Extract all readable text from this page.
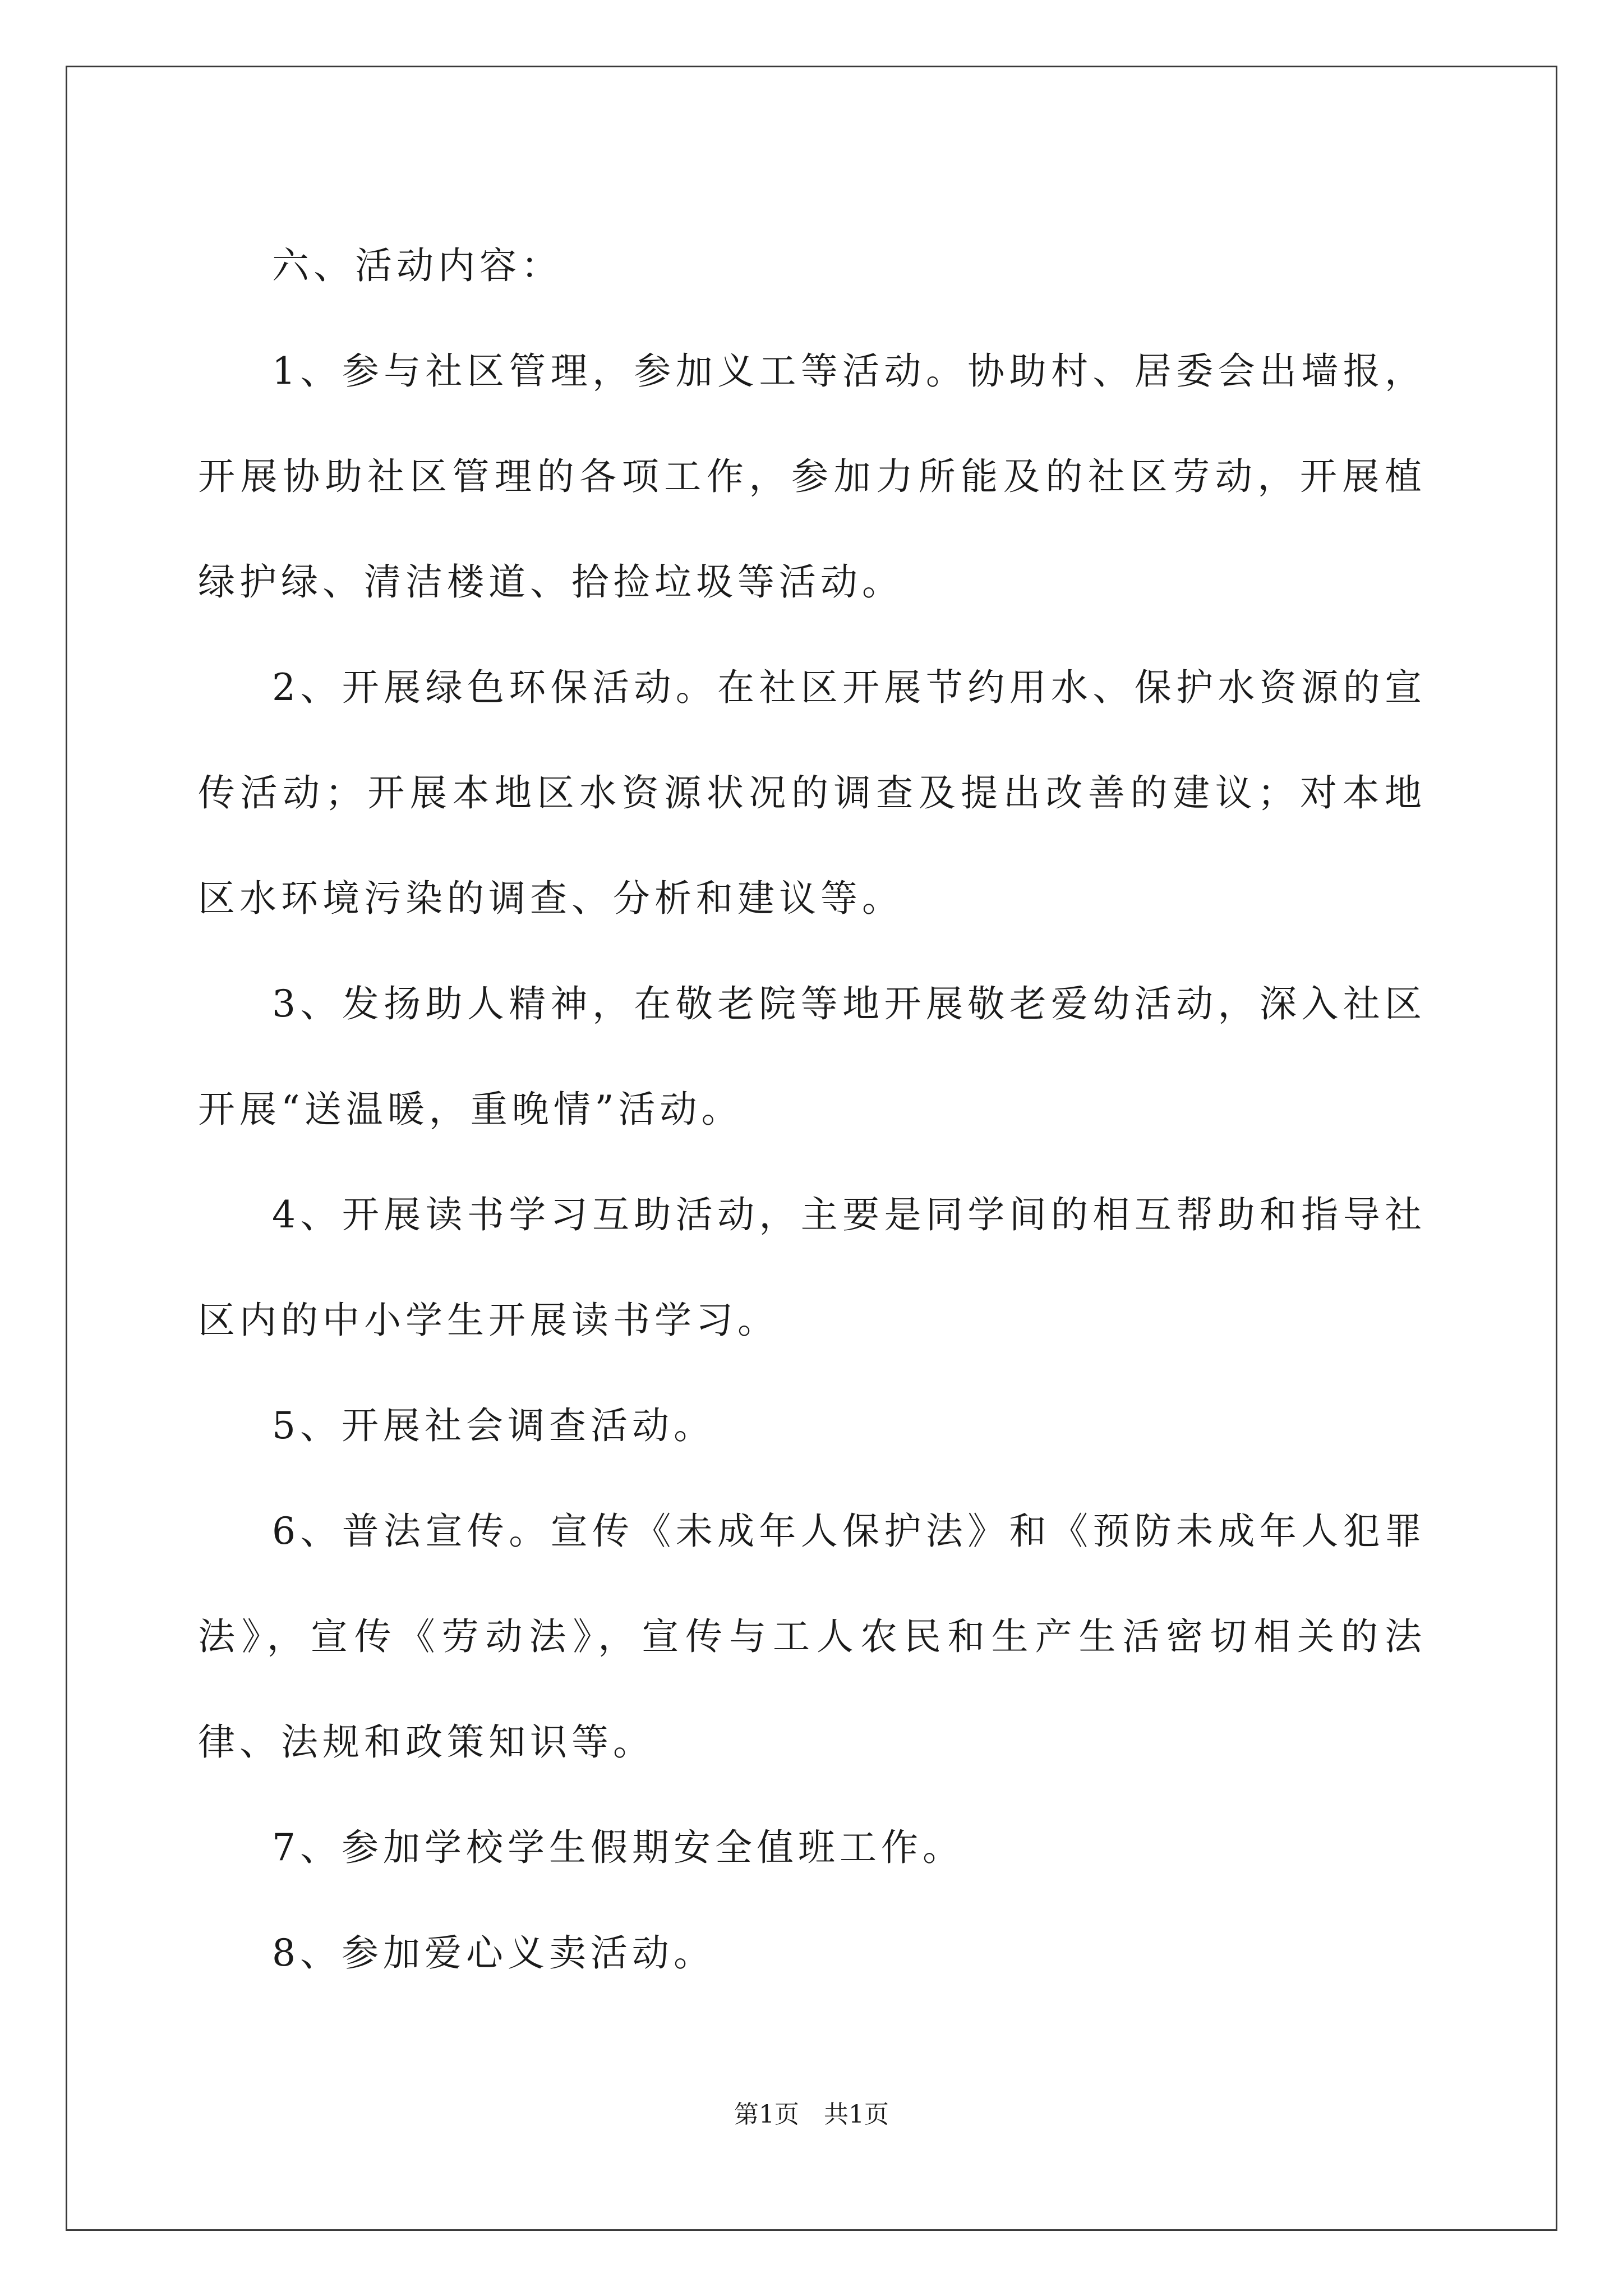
六、活动内容：

1、参与社区管理，参加义工等活动。协助村、居委会出墙报，开展协助社区管理的各项工作，参加力所能及的社区劳动，开展植绿护绿、清洁楼道、拾捡垃圾等活动。

2、开展绿色环保活动。在社区开展节约用水、保护水资源的宣传活动；开展本地区水资源状况的调查及提出改善的建议；对本地区水环境污染的调查、分析和建议等。

3、发扬助人精神，在敬老院等地开展敬老爱幼活动，深入社区开展“送温暖，重晚情”活动。

4、开展读书学习互助活动，主要是同学间的相互帮助和指导社区内的中小学生开展读书学习。

5、开展社会调查活动。

6、普法宣传。宣传《未成年人保护法》和《预防未成年人犯罪法》，宣传《劳动法》，宣传与工人农民和生产生活密切相关的法律、法规和政策知识等。

7、参加学校学生假期安全值班工作。

8、参加爱心义卖活动。

第1页　共1页
